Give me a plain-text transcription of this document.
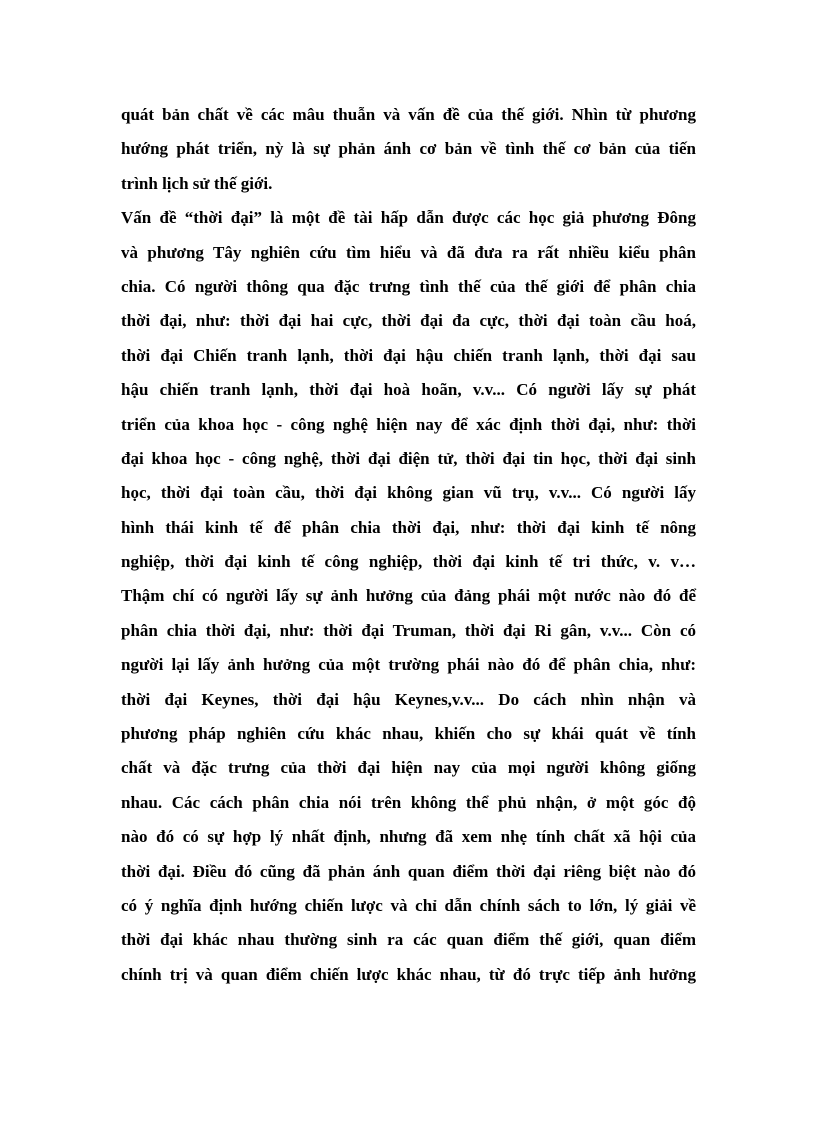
quát bản chất về các mâu thuẫn và vấn đề của thế giới. Nhìn từ phương
hướng phát triển, nỳ là sự phản ánh cơ bản về tình thế cơ bản của tiến
trình lịch sử thế giới.
Vấn đề “thời đại” là một đề tài hấp dẫn được các học giả phương Đông
và phương Tây nghiên cứu tìm hiểu và đã đưa ra rất nhiều kiểu phân
chia. Có người thông qua đặc trưng tình thế của thế giới để phân chia
thời đại, như: thời đại hai cực, thời đại đa cực, thời đại toàn cầu hoá,
thời đại Chiến tranh lạnh, thời đại hậu chiến tranh lạnh, thời đại sau
hậu chiến tranh lạnh, thời đại hoà hoãn, v.v... Có người lấy sự phát
triển của khoa học - công nghệ hiện nay để xác định thời đại, như: thời
đại khoa học - công nghệ, thời đại điện tử, thời đại tin học, thời đại sinh
học, thời đại toàn cầu, thời đại không gian vũ trụ, v.v... Có người lấy
hình thái kinh tế để phân chia thời đại, như: thời đại kinh tế nông
nghiệp, thời đại kinh tế công nghiệp, thời đại kinh tế tri thức, v. v…
Thậm chí có người lấy sự ảnh hưởng của đảng phái một nước nào đó để
phân chia thời đại, như: thời đại Truman, thời đại Ri gân, v.v... Còn có
người lại lấy ảnh hưởng của một trường phái nào đó để phân chia, như:
thời đại Keynes, thời đại hậu Keynes,v.v... Do cách nhìn nhận và
phương pháp nghiên cứu khác nhau, khiến cho sự khái quát về tính
chất và đặc trưng của thời đại hiện nay của mọi người không giống
nhau. Các cách phân chia nói trên không thể phủ nhận, ở một góc độ
nào đó có sự hợp lý nhất định, nhưng đã xem nhẹ tính chất xã hội của
thời đại. Điều đó cũng đã phản ánh quan điểm thời đại riêng biệt nào đó
có ý nghĩa định hướng chiến lược và chỉ dẫn chính sách to lớn, lý giải về
thời đại khác nhau thường sinh ra các quan điểm thế giới, quan điểm
chính trị và quan điểm chiến lược khác nhau, từ đó trực tiếp ảnh hưởng
